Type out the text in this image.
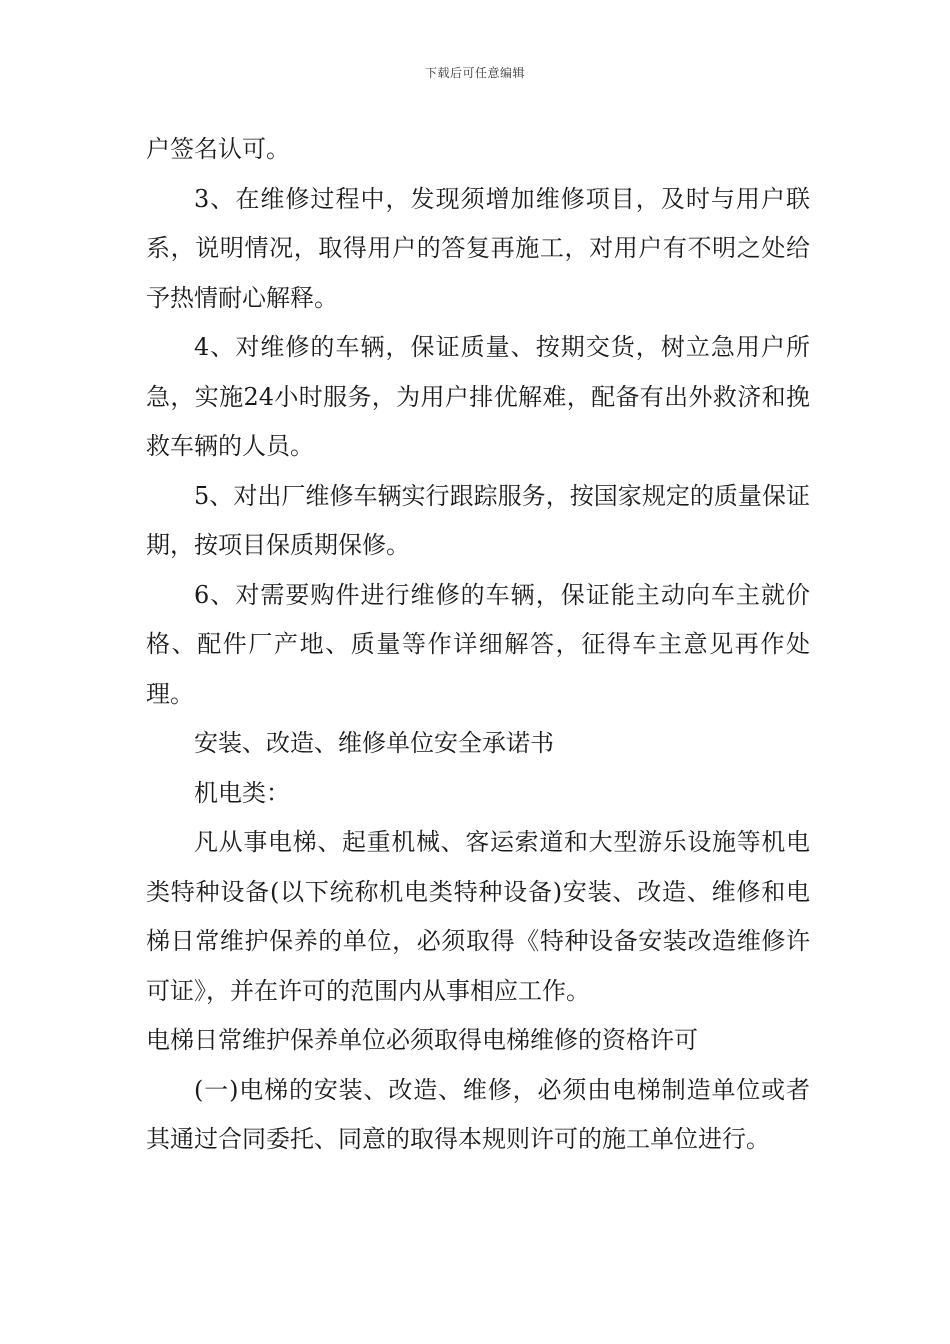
下载后可任意编辑

户签名认可。

3、在维修过程中，发现须增加维修项目，及时与用户联系，说明情况，取得用户的答复再施工，对用户有不明之处给予热情耐心解释。

4、对维修的车辆，保证质量、按期交货，树立急用户所急，实施24小时服务，为用户排优解难，配备有出外救济和挽救车辆的人员。

5、对出厂维修车辆实行跟踪服务，按国家规定的质量保证期，按项目保质期保修。

6、对需要购件进行维修的车辆，保证能主动向车主就价格、配件厂产地、质量等作详细解答，征得车主意见再作处理。

安装、改造、维修单位安全承诺书

机电类：

凡从事电梯、起重机械、客运索道和大型游乐设施等机电类特种设备(以下统称机电类特种设备)安装、改造、维修和电梯日常维护保养的单位，必须取得《特种设备安装改造维修许可证》，并在许可的范围内从事相应工作。

电梯日常维护保养单位必须取得电梯维修的资格许可

(一)电梯的安装、改造、维修，必须由电梯制造单位或者其通过合同委托、同意的取得本规则许可的施工单位进行。
